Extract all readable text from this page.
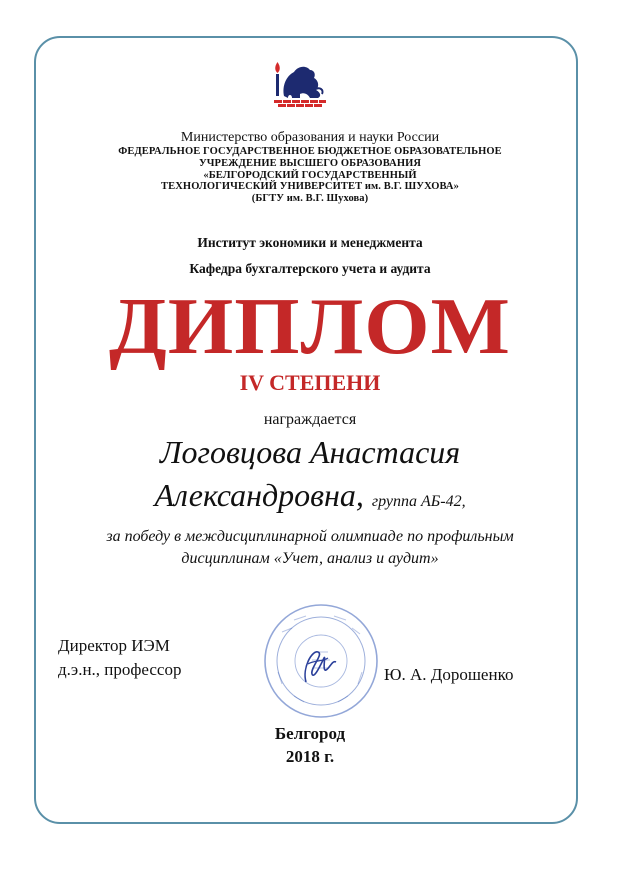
Министерство образования и науки России
ФЕДЕРАЛЬНОЕ ГОСУДАРСТВЕННОЕ БЮДЖЕТНОЕ ОБРАЗОВАТЕЛЬНОЕ
УЧРЕЖДЕНИЕ ВЫСШЕГО ОБРАЗОВАНИЯ
«БЕЛГОРОДСКИЙ ГОСУДАРСТВЕННЫЙ
ТЕХНОЛОГИЧЕСКИЙ УНИВЕРСИТЕТ им. В.Г. ШУХОВА»
(БГТУ им. В.Г. Шухова)
Институт экономики и менеджмента
Кафедра бухгалтерского учета и аудита
ДИПЛОМ
IV СТЕПЕНИ
награждается
Логовцова Анастасия
Александровна, группа АБ-42,
за победу в междисциплинарной олимпиаде по профильным
дисциплинам «Учет, анализ и аудит»
Директор ИЭМ
д.э.н., профессор	Ю. А. Дорошенко
Белгород
2018 г.
